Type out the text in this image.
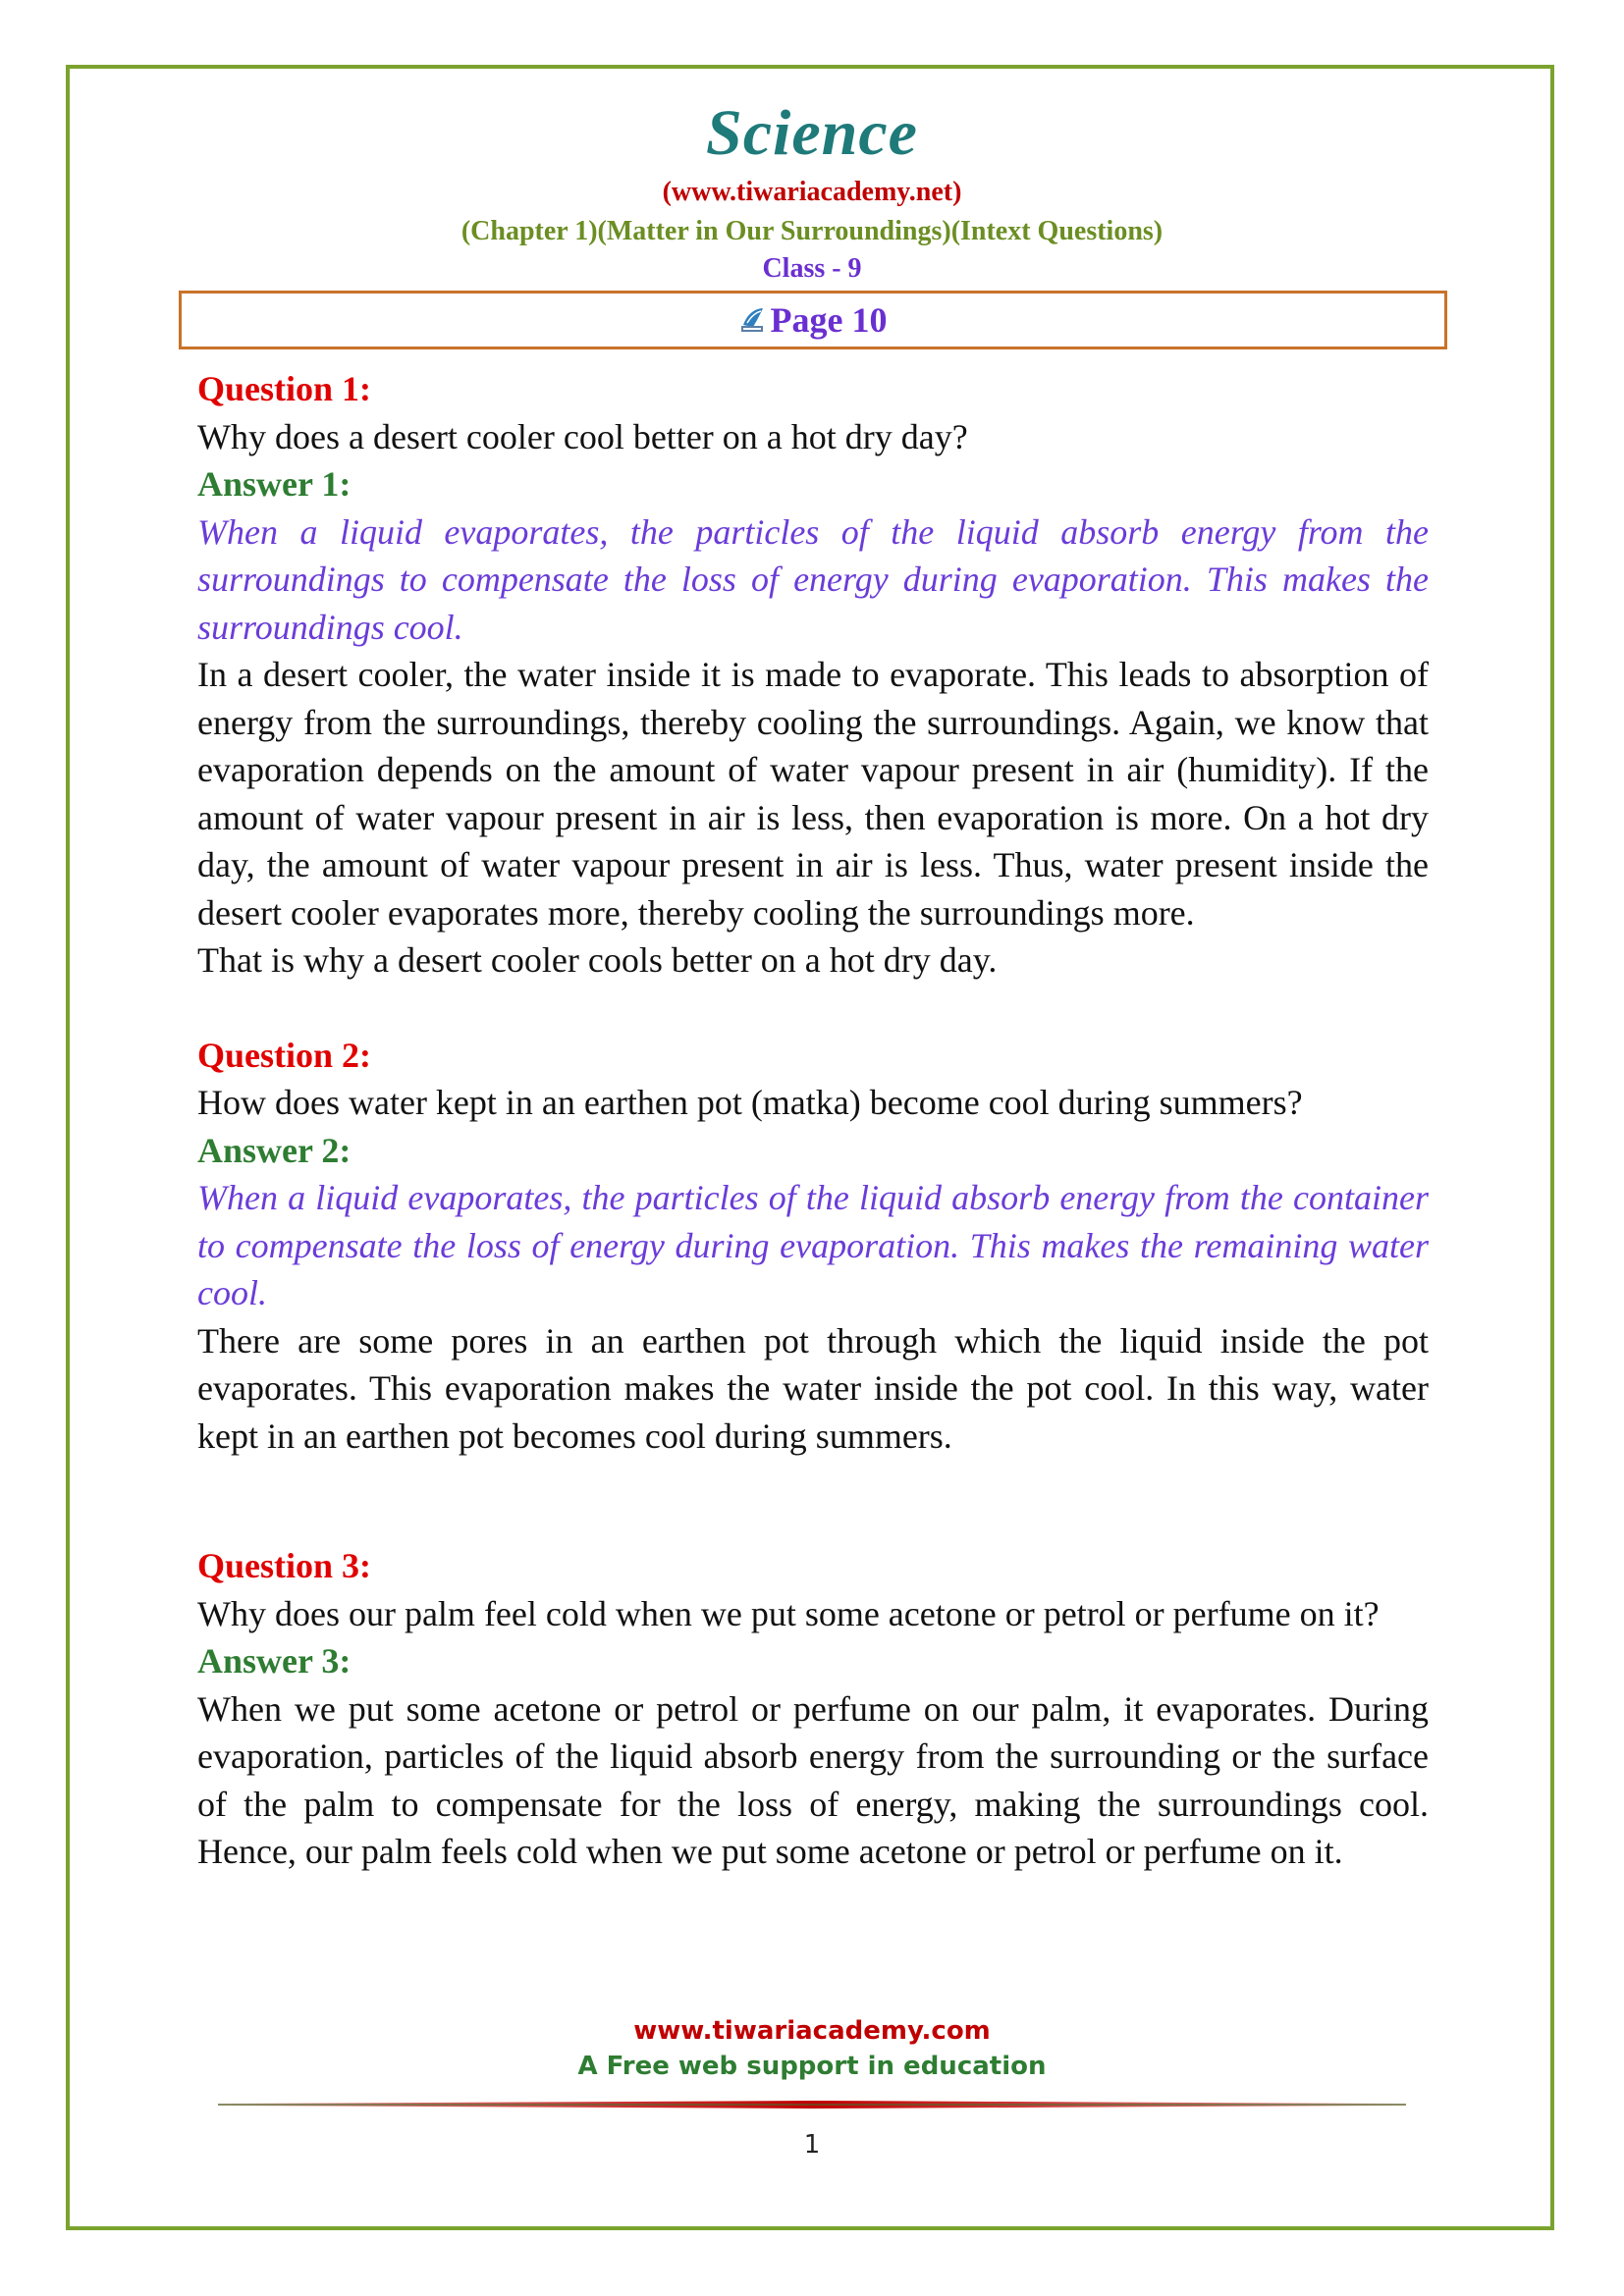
Science
(www.tiwariacademy.net)
(Chapter 1)(Matter in Our Surroundings)(Intext Questions)
Class - 9
Page 10
Question 1:
Why does a desert cooler cool better on a hot dry day?
Answer 1:
When a liquid evaporates, the particles of the liquid absorb energy from the surroundings to compensate the loss of energy during evaporation. This makes the surroundings cool.
In a desert cooler, the water inside it is made to evaporate. This leads to absorption of energy from the surroundings, thereby cooling the surroundings. Again, we know that evaporation depends on the amount of water vapour present in air (humidity). If the amount of water vapour present in air is less, then evaporation is more. On a hot dry day, the amount of water vapour present in air is less. Thus, water present inside the desert cooler evaporates more, thereby cooling the surroundings more.
That is why a desert cooler cools better on a hot dry day.
Question 2:
How does water kept in an earthen pot (matka) become cool during summers?
Answer 2:
When a liquid evaporates, the particles of the liquid absorb energy from the container to compensate the loss of energy during evaporation. This makes the remaining water cool.
There are some pores in an earthen pot through which the liquid inside the pot evaporates. This evaporation makes the water inside the pot cool. In this way, water kept in an earthen pot becomes cool during summers.
Question 3:
Why does our palm feel cold when we put some acetone or petrol or perfume on it?
Answer 3:
When we put some acetone or petrol or perfume on our palm, it evaporates. During evaporation, particles of the liquid absorb energy from the surrounding or the surface of the palm to compensate for the loss of energy, making the surroundings cool. Hence, our palm feels cold when we put some acetone or petrol or perfume on it.
www.tiwariacademy.com
A Free web support in education
1
